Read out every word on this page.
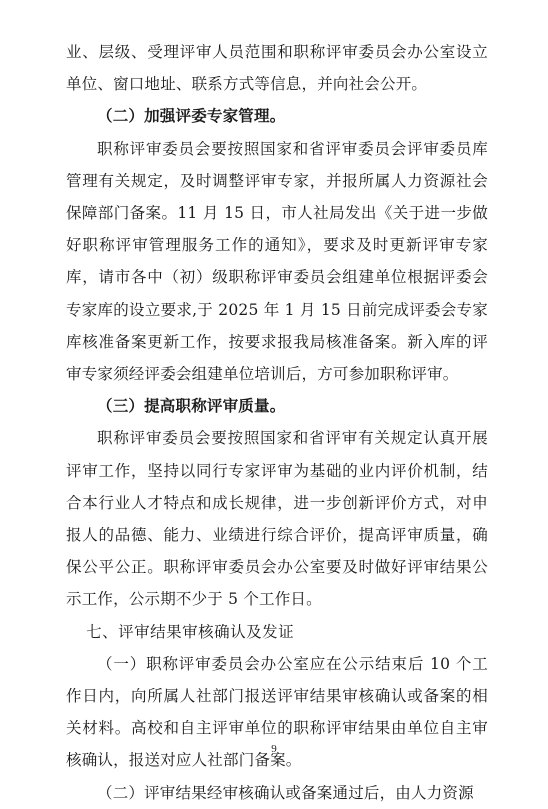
业、层级、受理评审人员范围和职称评审委员会办公室设立单位、窗口地址、联系方式等信息，并向社会公开。

（二）加强评委专家管理。

职称评审委员会要按照国家和省评审委员会评审委员库管理有关规定，及时调整评审专家，并报所属人力资源社会保障部门备案。11 月 15 日，市人社局发出《关于进一步做好职称评审管理服务工作的通知》，要求及时更新评审专家库，请市各中（初）级职称评审委员会组建单位根据评委会专家库的设立要求,于 2025 年 1 月 15 日前完成评委会专家库核准备案更新工作，按要求报我局核准备案。新入库的评审专家须经评委会组建单位培训后，方可参加职称评审。

（三）提高职称评审质量。

职称评审委员会要按照国家和省评审有关规定认真开展评审工作，坚持以同行专家评审为基础的业内评价机制，结合本行业人才特点和成长规律，进一步创新评价方式，对申报人的品德、能力、业绩进行综合评价，提高评审质量，确保公平公正。职称评审委员会办公室要及时做好评审结果公示工作，公示期不少于 5 个工作日。

七、评审结果审核确认及发证

（一）职称评审委员会办公室应在公示结束后 10 个工作日内，向所属人社部门报送评审结果审核确认或备案的相关材料。高校和自主评审单位的职称评审结果由单位自主审核确认，报送对应人社部门备案。

（二）评审结果经审核确认或备案通过后，由人力资源

9
